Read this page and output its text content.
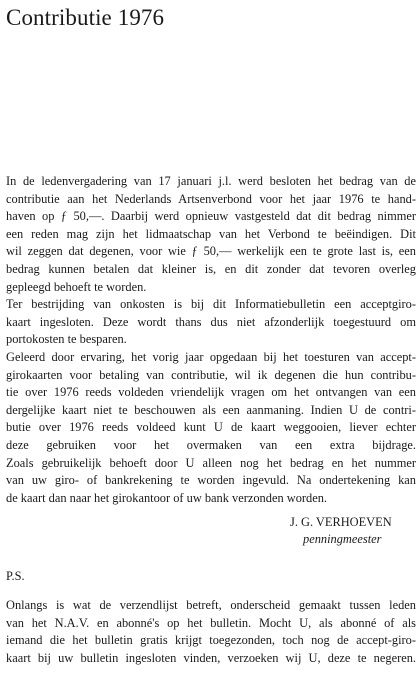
Contributie 1976
In de ledenvergadering van 17 januari j.l. werd besloten het bedrag van de
contributie aan het Nederlands Artsenverbond voor het jaar 1976 te hand-
haven op ƒ 50,—. Daarbij werd opnieuw vastgesteld dat dit bedrag nimmer
een reden mag zijn het lidmaatschap van het Verbond te beëindigen. Dit
wil zeggen dat degenen, voor wie ƒ 50,— werkelijk een te grote last is, een
bedrag kunnen betalen dat kleiner is, en dit zonder dat tevoren overleg
gepleegd behoeft te worden.
Ter bestrijding van onkosten is bij dit Informatiebulletin een acceptgiro-
kaart ingesloten. Deze wordt thans dus niet afzonderlijk toegestuurd om
portokosten te besparen.
Geleerd door ervaring, het vorig jaar opgedaan bij het toesturen van accept-
girokaarten voor betaling van contributie, wil ik degenen die hun contribu-
tie over 1976 reeds voldeden vriendelijk vragen om het ontvangen van een
dergelijke kaart niet te beschouwen als een aanmaning. Indien U de contri-
butie over 1976 reeds voldeed kunt U de kaart weggooien, liever echter
deze gebruiken voor het overmaken van een extra bijdrage.
Zoals gebruikelijk behoeft door U alleen nog het bedrag en het nummer
van uw giro- of bankrekening te worden ingevuld. Na ondertekening kan
de kaart dan naar het girokantoor of uw bank verzonden worden.
J. G. VERHOEVEN
penningmeester
P.S.
Onlangs is wat de verzendlijst betreft, onderscheid gemaakt tussen leden
van het N.A.V. en abonné's op het bulletin. Mocht U, als abonné of als
iemand die het bulletin gratis krijgt toegezonden, toch nog de accept-giro-
kaart bij uw bulletin ingesloten vinden, verzoeken wij U, deze te negeren.
